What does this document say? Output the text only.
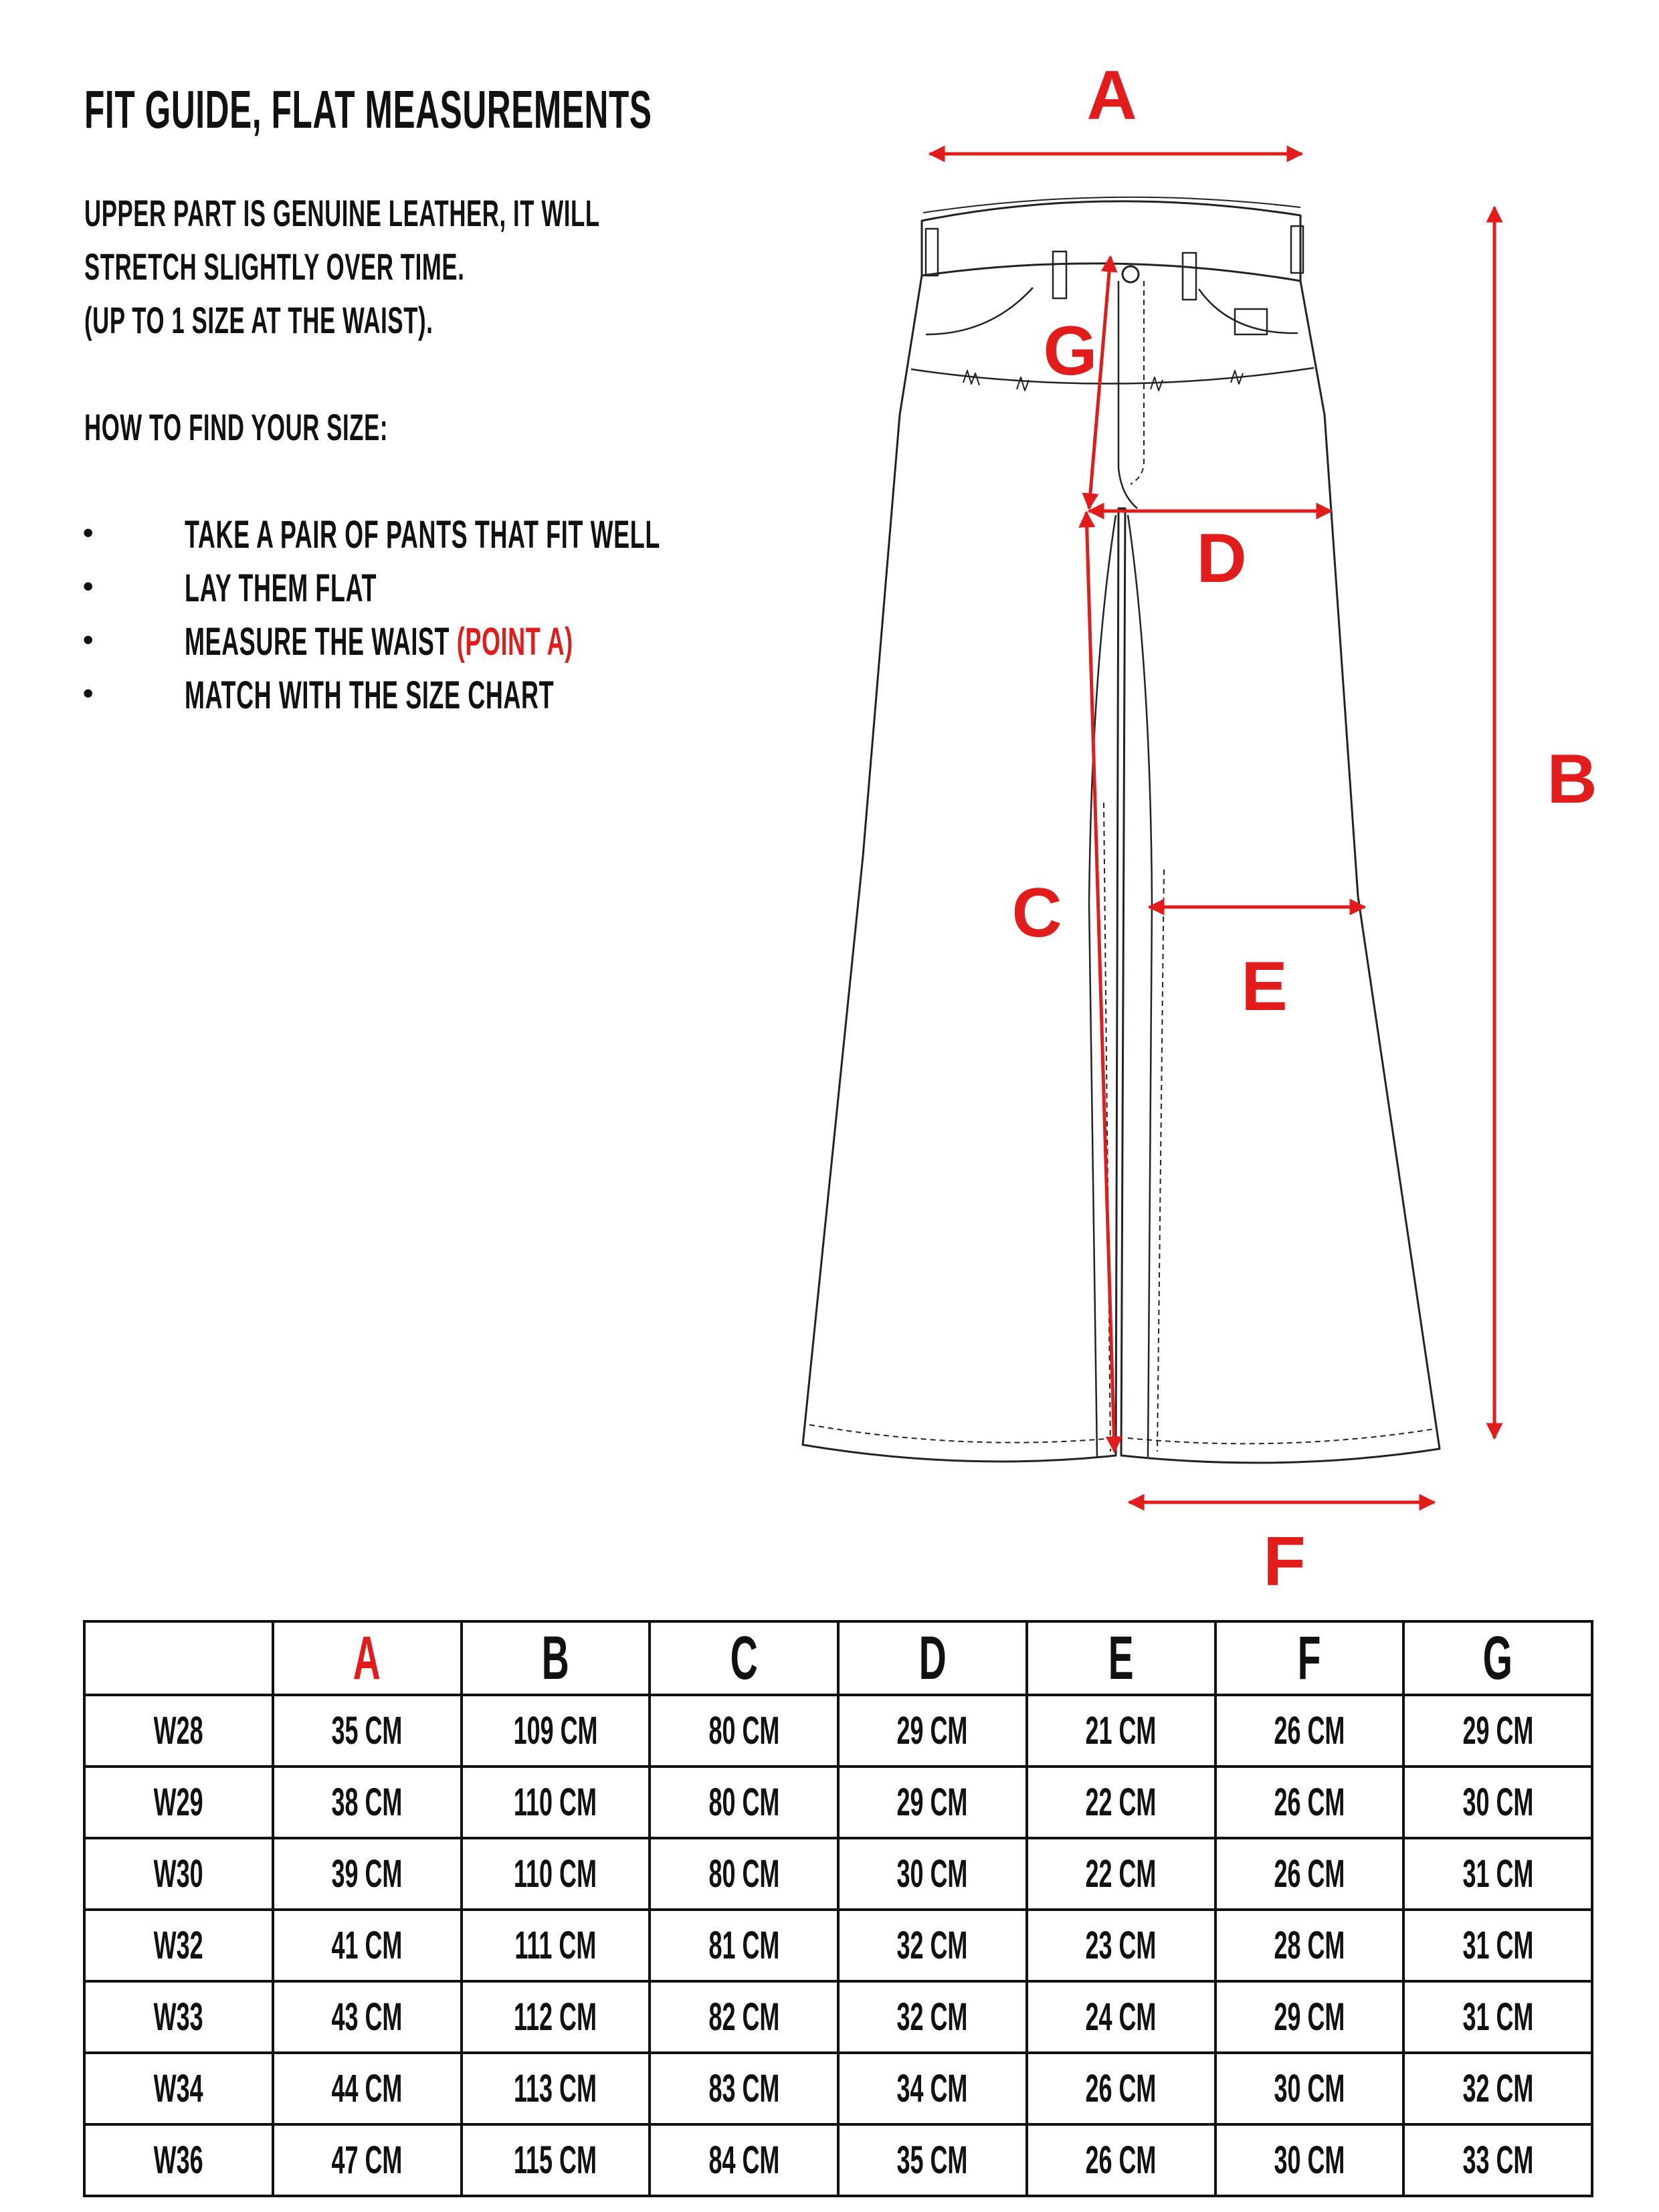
FIT GUIDE, FLAT MEASUREMENTS
UPPER PART IS GENUINE LEATHER, IT WILL
STRETCH SLIGHTLY OVER TIME.
(UP TO 1 SIZE AT THE WAIST).
HOW TO FIND YOUR SIZE:
• TAKE A PAIR OF PANTS THAT FIT WELL
• LAY THEM FLAT
• MEASURE THE WAIST (POINT A)
• MATCH WITH THE SIZE CHART
A
B
C
D
E
F
G
	A	B	C	D	E	F	G
W28	35 CM	109 CM	80 CM	29 CM	21 CM	26 CM	29 CM
W29	38 CM	110 CM	80 CM	29 CM	22 CM	26 CM	30 CM
W30	39 CM	110 CM	80 CM	30 CM	22 CM	26 CM	31 CM
W32	41 CM	111 CM	81 CM	32 CM	23 CM	28 CM	31 CM
W33	43 CM	112 CM	82 CM	32 CM	24 CM	29 CM	31 CM
W34	44 CM	113 CM	83 CM	34 CM	26 CM	30 CM	32 CM
W36	47 CM	115 CM	84 CM	35 CM	26 CM	30 CM	33 CM
